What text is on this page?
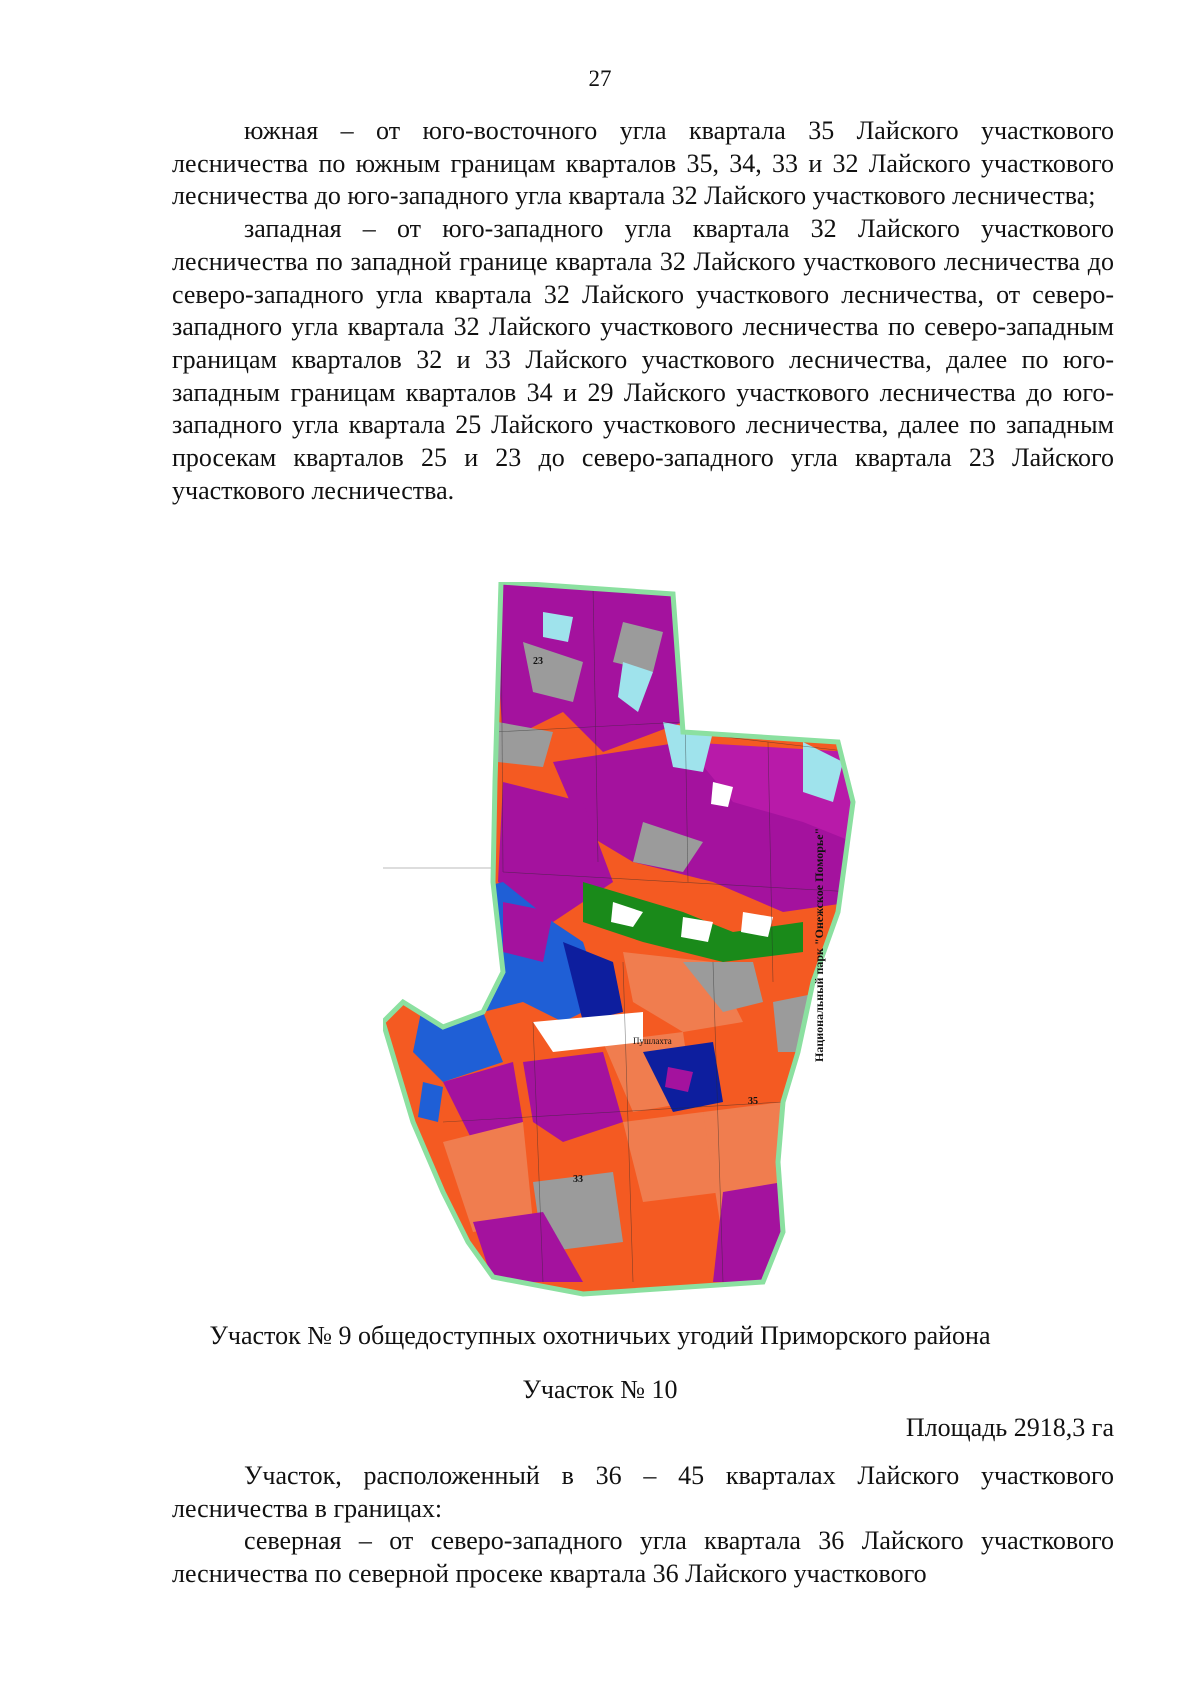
27

южная – от юго-восточного угла квартала 35 Лайского участкового лесничества по южным границам кварталов 35, 34, 33 и 32 Лайского участкового лесничества до юго-западного угла квартала 32 Лайского участкового лесничества;

западная – от юго-западного угла квартала 32 Лайского участкового лесничества по западной границе квартала 32 Лайского участкового лесничества до северо-западного угла квартала 32 Лайского участкового лесничества, от северо-западного угла квартала 32 Лайского участкового лесничества по северо-западным границам кварталов 32 и 33 Лайского участкового лесничества, далее по юго-западным границам кварталов 34 и 29 Лайского участкового лесничества до юго-западного угла квартала 25 Лайского участкового лесничества, далее по западным просекам кварталов 25 и 23 до северо-западного угла квартала 23 Лайского участкового лесничества.

35
33
23
Пушлахта	Национальный парк "Онежское Поморье"
Участок № 9 общедоступных охотничьих угодий Приморского района
Участок № 10
Площадь 2918,3 га

Участок, расположенный в 36 – 45 кварталах Лайского участкового лесничества в границах:

северная – от северо-западного угла квартала 36 Лайского участкового лесничества по северной просеке квартала 36 Лайского участкового
